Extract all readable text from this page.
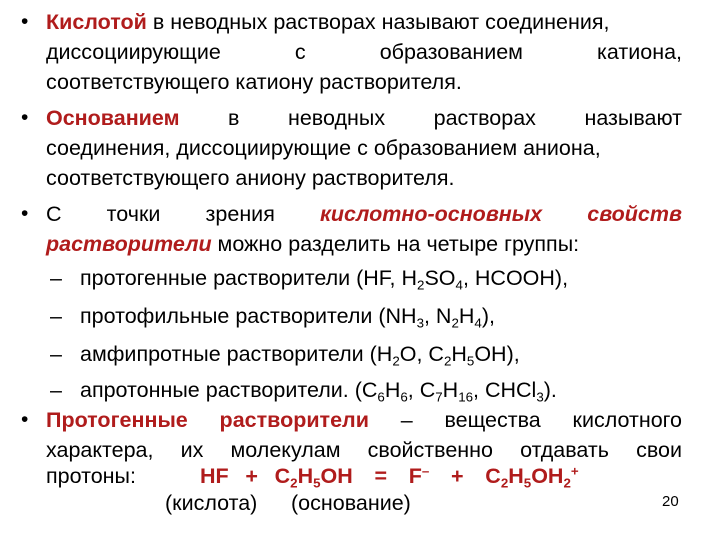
• Кислотой в неводных растворах называют соединения,
диссоциирующие с образованием катиона,
соответствующего катиону растворителя.
• Основанием в неводных растворах называют
соединения, диссоциирующие с образованием аниона,
соответствующего аниону растворителя.
• С точки зрения кислотно-основных свойств
растворители можно разделить на четыре группы:
– протогенные растворители (HF, $H_2SO_4$, HCOOH),
– протофильные растворители ($NH_3$, $N_2H_4$),
– амфипротные растворители ($H_2O$, $C_2H_5OH$),
– апротонные растворители. ($C_6H_6$, $C_7H_{16}$, CHCl$_3$).
• Протогенные растворители – вещества кислотного
характера, их молекулам свойственно отдавать свои
протоны:	HF + $C_2H_5OH = F^- + C_2H_5OH_2^+$
(кислота) (основание)	20
